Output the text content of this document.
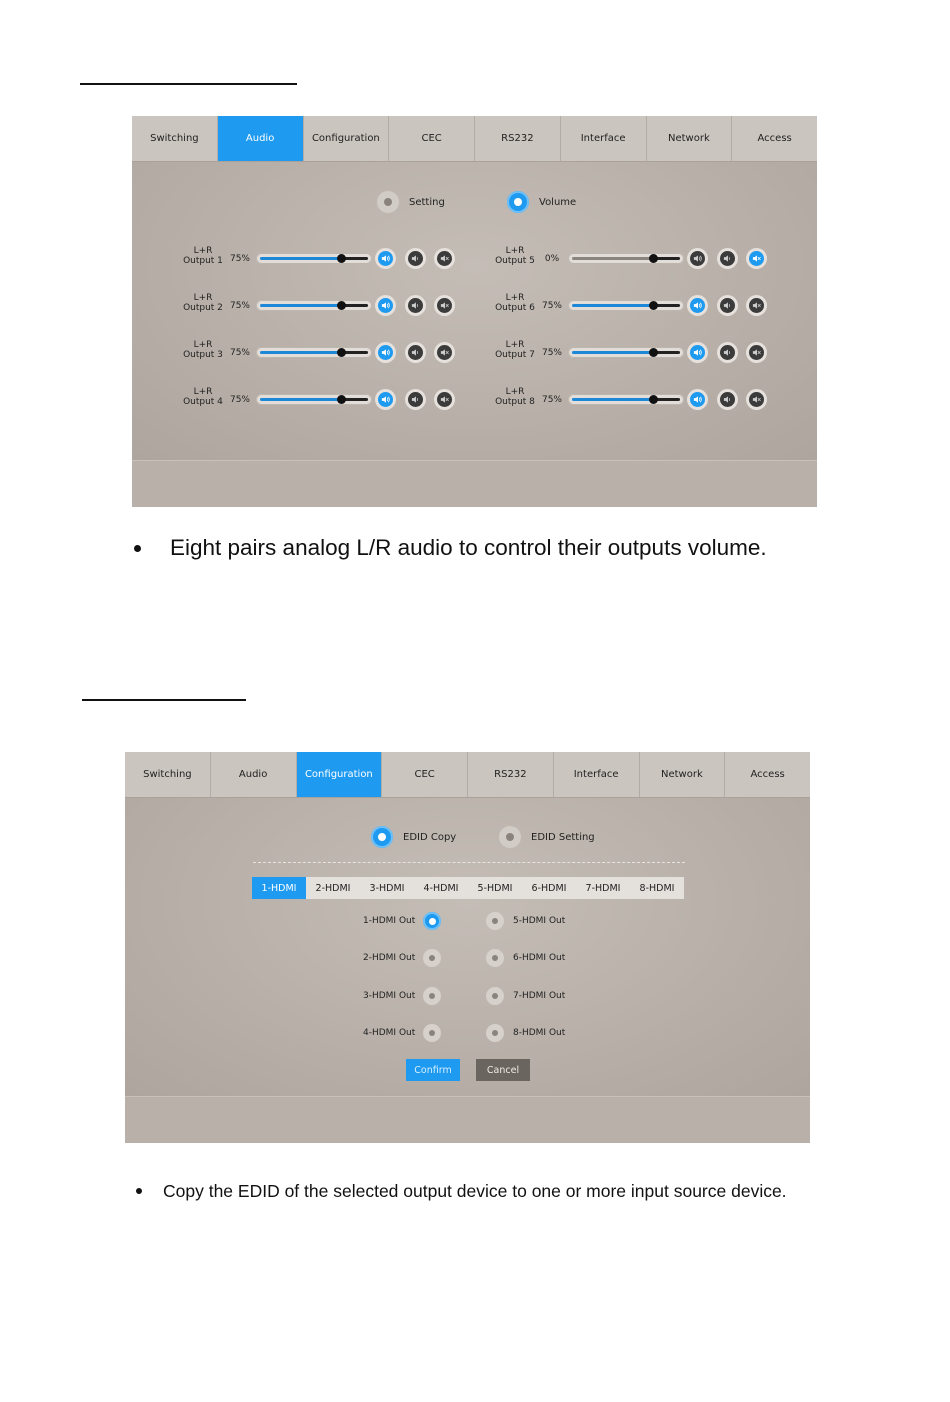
Switching	Audio	Configuration	CEC	RS232	Interface	Network	Access
Setting	Volume
L+R
Output 1 75%
L+R
Output 2 75%
L+R
Output 3 75%
L+R
Output 4 75%
L+R
Output 5	0%
L+R
Output 6 75%
L+R
Output 7 75%
L+R
Output 8 75%
Eight pairs analog L/R audio to control their outputs volume.
Switching	Audio	Configuration	CEC	RS232	Interface	Network	Access
EDID Copy	EDID Setting
1-HDMI	2-HDMI	3-HDMI	4-HDMI	5-HDMI	6-HDMI	7-HDMI	8-HDMI
1-HDMI Out
2-HDMI Out
3-HDMI Out
4-HDMI Out
5-HDMI Out
6-HDMI Out
7-HDMI Out
8-HDMI Out
Confirm	Cancel
Copy the EDID of the selected output device to one or more input source device.
